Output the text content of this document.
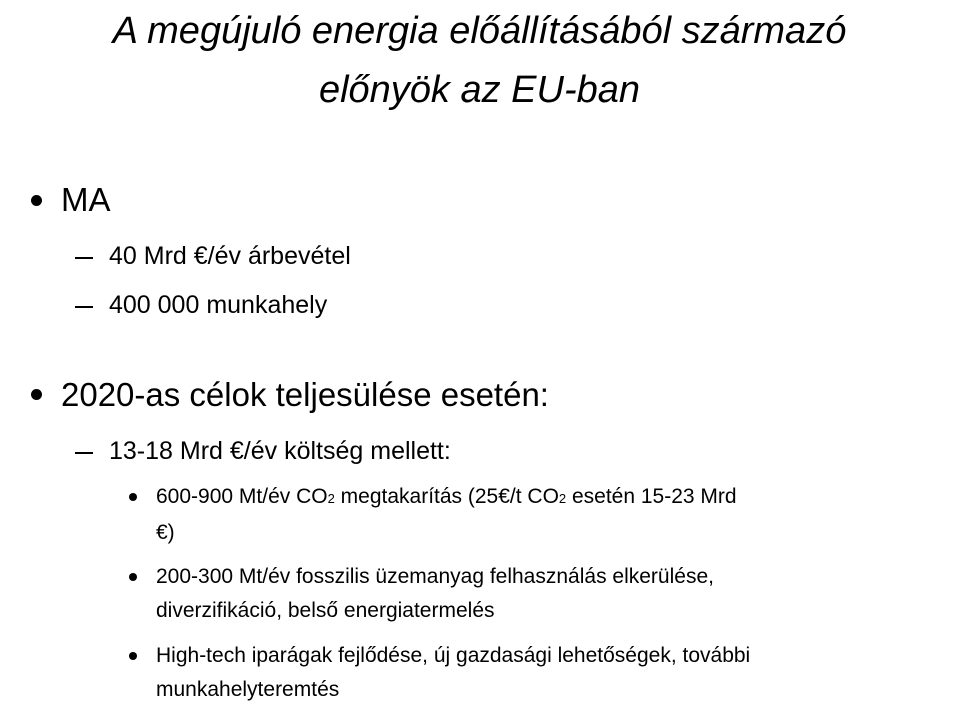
A megújuló energia előállításából származó
előnyök az EU-ban
MA
40 Mrd €/év árbevétel
400 000 munkahely
2020-as célok teljesülése esetén:
13-18 Mrd €/év költség mellett:
600-900 Mt/év CO2 megtakarítás (25€/t CO2 esetén 15-23 Mrd
€)
200-300 Mt/év fosszilis üzemanyag felhasználás elkerülése,
diverzifikáció, belső energiatermelés
High-tech iparágak fejlődése, új gazdasági lehetőségek, további
munkahelyteremtés
